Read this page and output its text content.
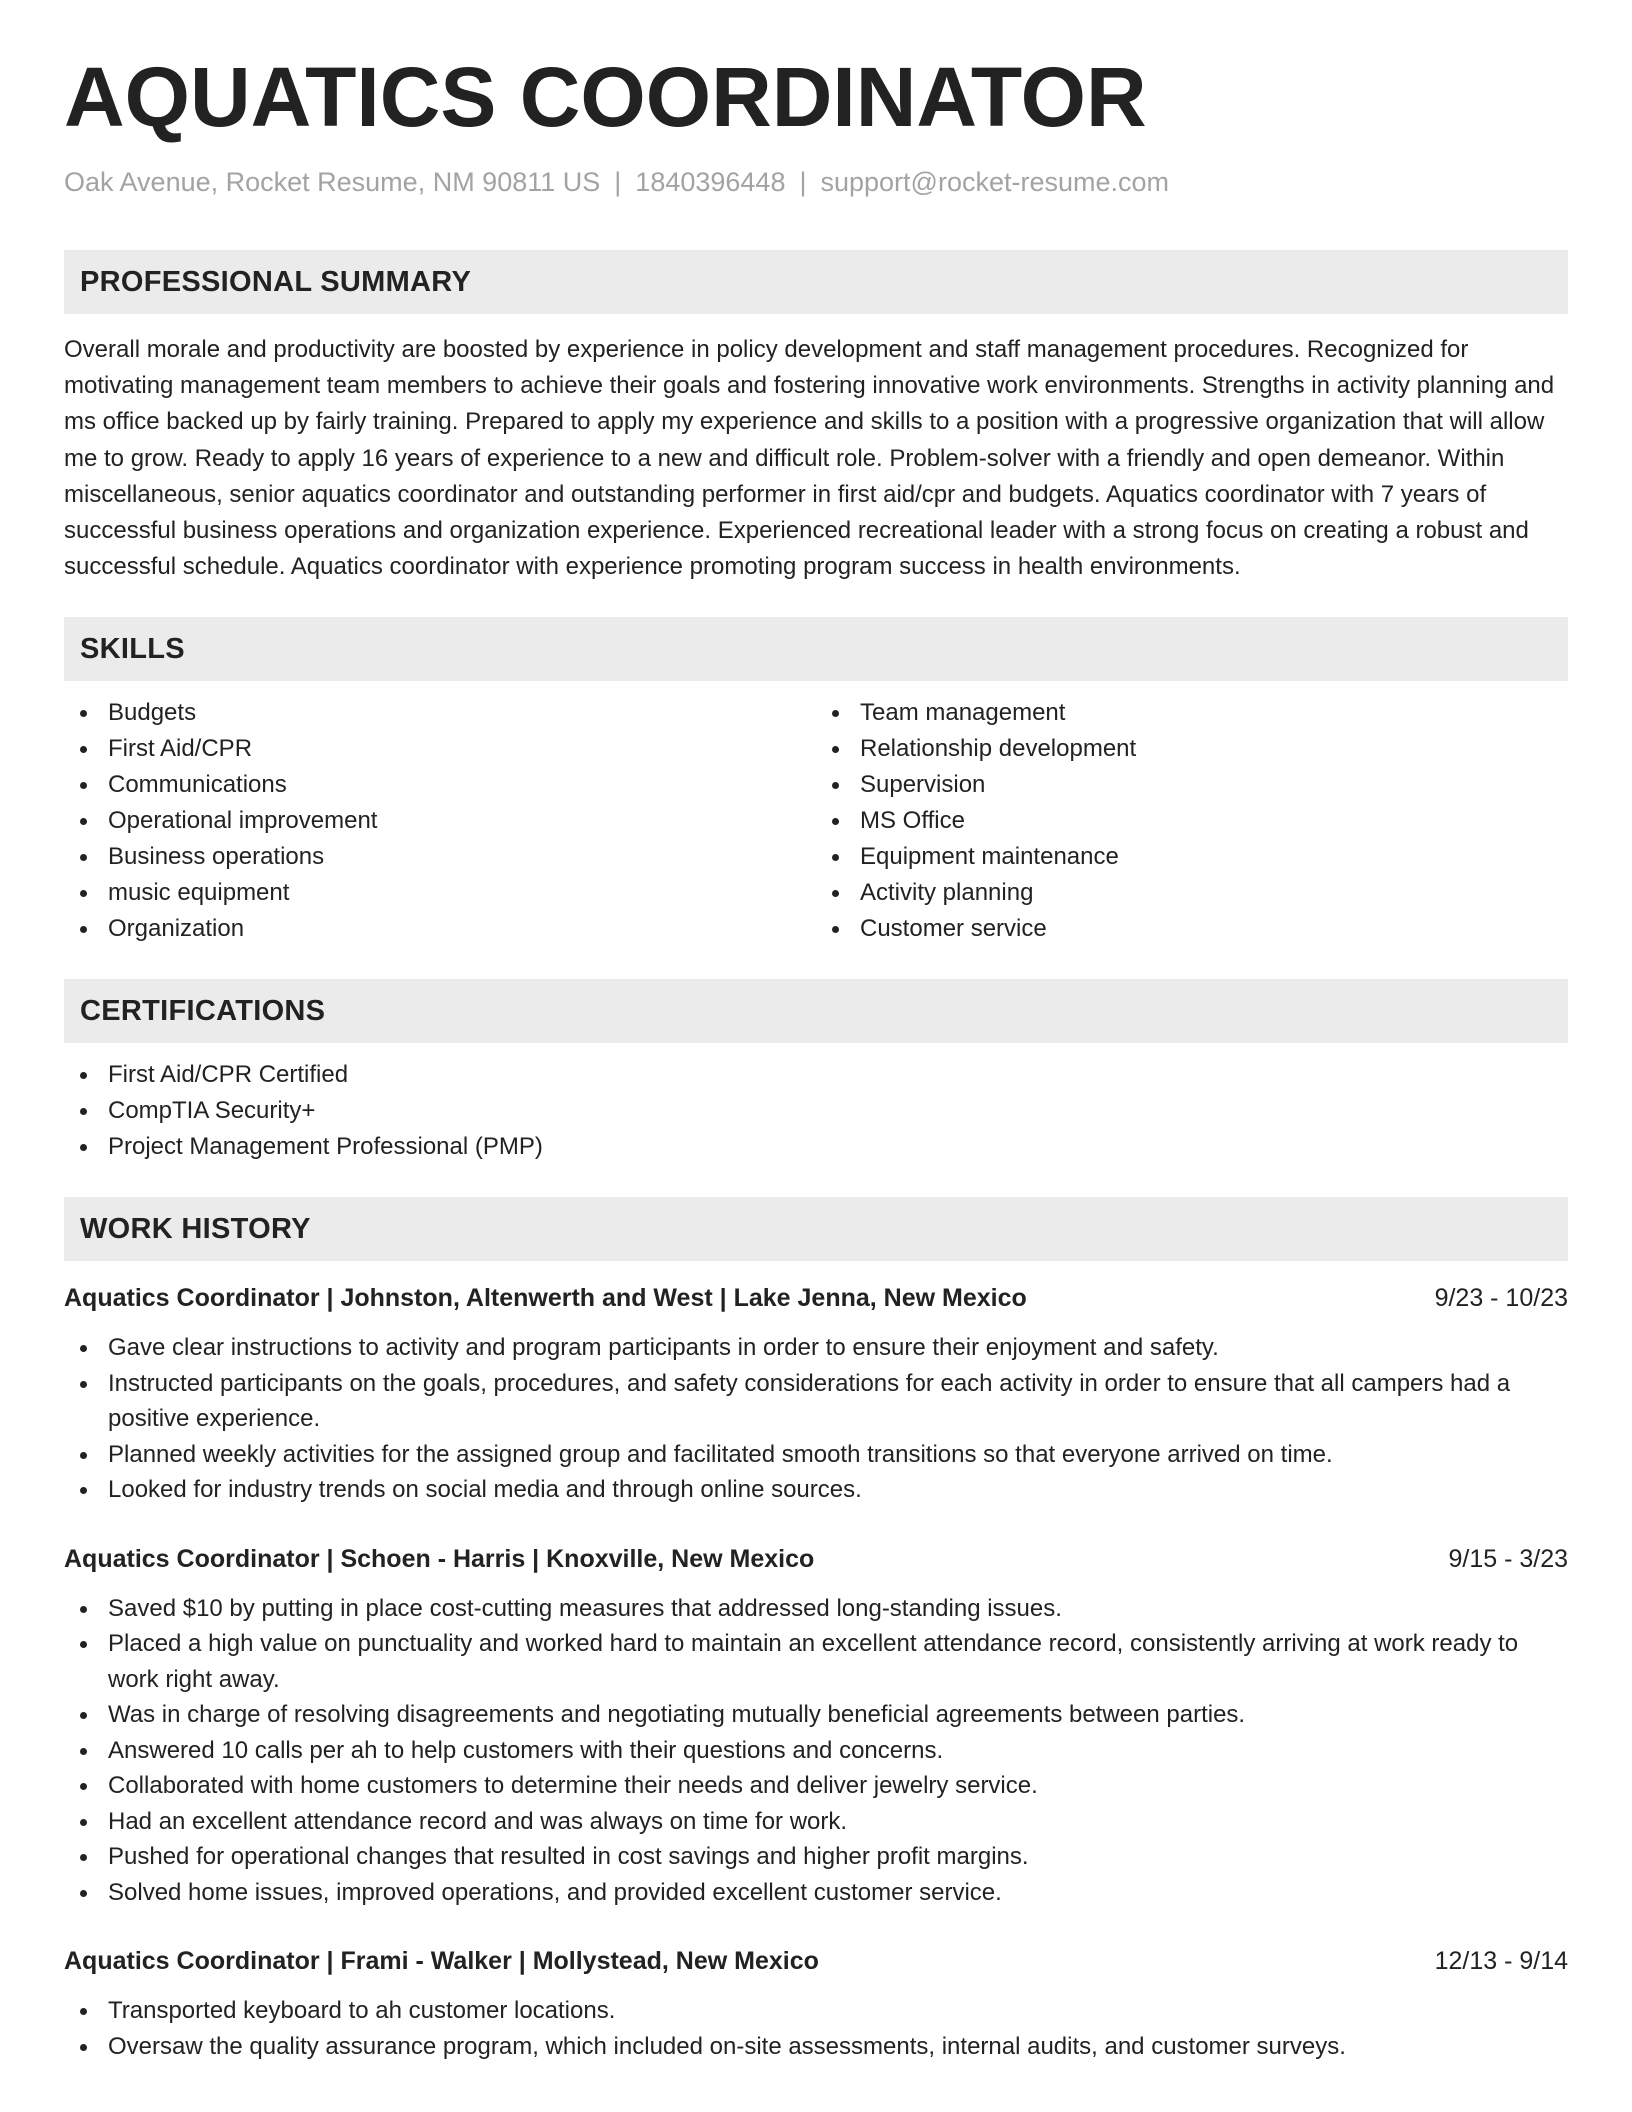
AQUATICS COORDINATOR
Oak Avenue, Rocket Resume, NM 90811 US | 1840396448 | support@rocket-resume.com
PROFESSIONAL SUMMARY
Overall morale and productivity are boosted by experience in policy development and staff management procedures. Recognized for motivating management team members to achieve their goals and fostering innovative work environments. Strengths in activity planning and ms office backed up by fairly training. Prepared to apply my experience and skills to a position with a progressive organization that will allow me to grow. Ready to apply 16 years of experience to a new and difficult role. Problem-solver with a friendly and open demeanor. Within miscellaneous, senior aquatics coordinator and outstanding performer in first aid/cpr and budgets. Aquatics coordinator with 7 years of successful business operations and organization experience. Experienced recreational leader with a strong focus on creating a robust and successful schedule. Aquatics coordinator with experience promoting program success in health environments.
SKILLS
Budgets
First Aid/CPR
Communications
Operational improvement
Business operations
music equipment
Organization
Team management
Relationship development
Supervision
MS Office
Equipment maintenance
Activity planning
Customer service
CERTIFICATIONS
First Aid/CPR Certified
CompTIA Security+
Project Management Professional (PMP)
WORK HISTORY
Aquatics Coordinator | Johnston, Altenwerth and West | Lake Jenna, New Mexico	9/23 - 10/23
Gave clear instructions to activity and program participants in order to ensure their enjoyment and safety.
Instructed participants on the goals, procedures, and safety considerations for each activity in order to ensure that all campers had a positive experience.
Planned weekly activities for the assigned group and facilitated smooth transitions so that everyone arrived on time.
Looked for industry trends on social media and through online sources.
Aquatics Coordinator | Schoen - Harris | Knoxville, New Mexico	9/15 - 3/23
Saved $10 by putting in place cost-cutting measures that addressed long-standing issues.
Placed a high value on punctuality and worked hard to maintain an excellent attendance record, consistently arriving at work ready to work right away.
Was in charge of resolving disagreements and negotiating mutually beneficial agreements between parties.
Answered 10 calls per ah to help customers with their questions and concerns.
Collaborated with home customers to determine their needs and deliver jewelry service.
Had an excellent attendance record and was always on time for work.
Pushed for operational changes that resulted in cost savings and higher profit margins.
Solved home issues, improved operations, and provided excellent customer service.
Aquatics Coordinator | Frami - Walker | Mollystead, New Mexico	12/13 - 9/14
Transported keyboard to ah customer locations.
Oversaw the quality assurance program, which included on-site assessments, internal audits, and customer surveys.
